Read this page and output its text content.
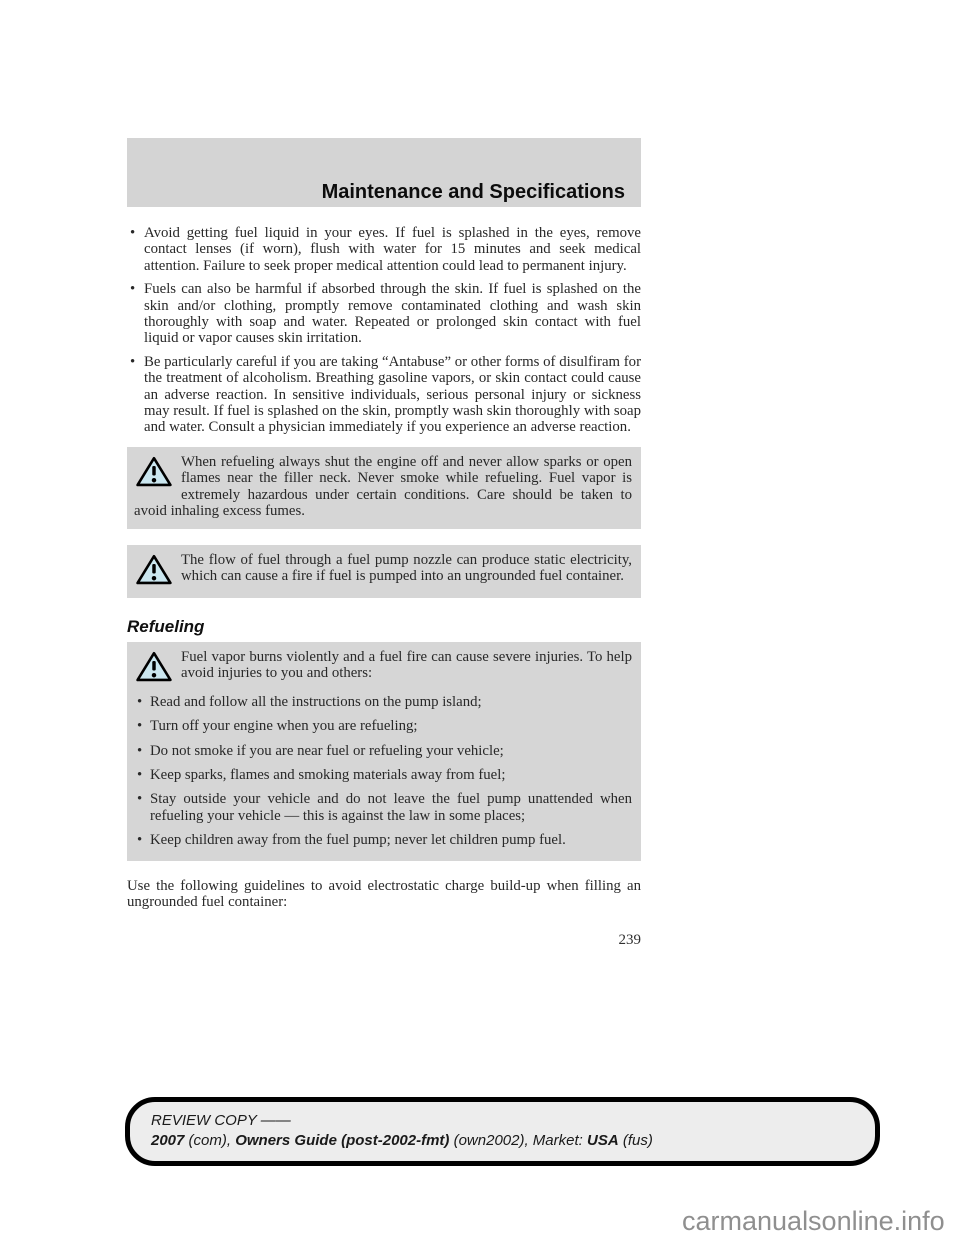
Maintenance and Specifications
• Avoid getting fuel liquid in your eyes. If fuel is splashed in the eyes, remove contact lenses (if worn), flush with water for 15 minutes and seek medical attention. Failure to seek proper medical attention could lead to permanent injury.
• Fuels can also be harmful if absorbed through the skin. If fuel is splashed on the skin and/or clothing, promptly remove contaminated clothing and wash skin thoroughly with soap and water. Repeated or prolonged skin contact with fuel liquid or vapor causes skin irritation.
• Be particularly careful if you are taking “Antabuse” or other forms of disulfiram for the treatment of alcoholism. Breathing gasoline vapors, or skin contact could cause an adverse reaction. In sensitive individuals, serious personal injury or sickness may result. If fuel is splashed on the skin, promptly wash skin thoroughly with soap and water. Consult a physician immediately if you experience an adverse reaction.
When refueling always shut the engine off and never allow sparks or open flames near the filler neck. Never smoke while refueling. Fuel vapor is extremely hazardous under certain conditions. Care should be taken to avoid inhaling excess fumes.
The flow of fuel through a fuel pump nozzle can produce static electricity, which can cause a fire if fuel is pumped into an ungrounded fuel container.
Refueling
Fuel vapor burns violently and a fuel fire can cause severe injuries. To help avoid injuries to you and others:
• Read and follow all the instructions on the pump island;
• Turn off your engine when you are refueling;
• Do not smoke if you are near fuel or refueling your vehicle;
• Keep sparks, flames and smoking materials away from fuel;
• Stay outside your vehicle and do not leave the fuel pump unattended when refueling your vehicle — this is against the law in some places;
• Keep children away from the fuel pump; never let children pump fuel.

Use the following guidelines to avoid electrostatic charge build-up when filling an ungrounded fuel container:

239
REVIEW COPY ——
2007 (com), Owners Guide (post-2002-fmt) (own2002), Market: USA (fus)
carmanualsonline.info
